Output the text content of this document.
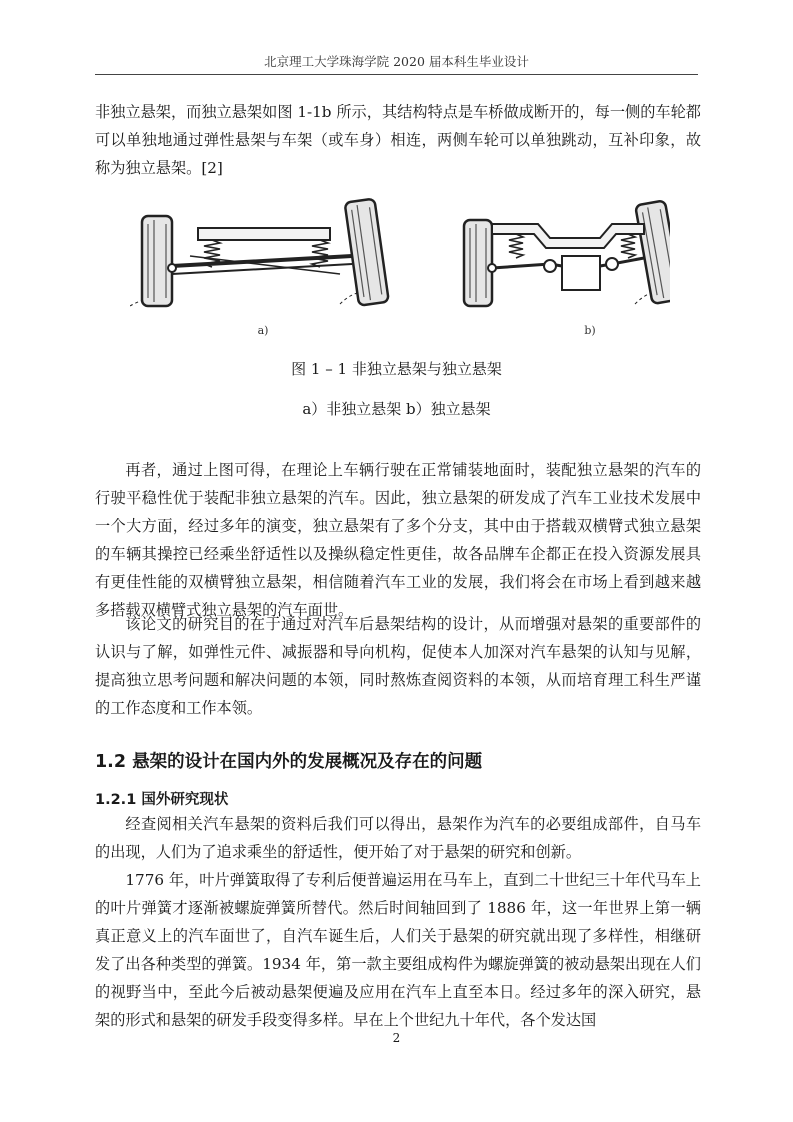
北京理工大学珠海学院 2020 届本科生毕业设计

非独立悬架，而独立悬架如图 1-1b 所示，其结构特点是车桥做成断开的，每一侧的车轮都可以单独地通过弹性悬架与车架（或车身）相连，两侧车轮可以单独跳动，互补印象，故称为独立悬架。[2]

a)	b)
图 1 – 1 非独立悬架与独立悬架
a）非独立悬架 b）独立悬架

再者，通过上图可得，在理论上车辆行驶在正常铺装地面时，装配独立悬架的汽车的行驶平稳性优于装配非独立悬架的汽车。因此，独立悬架的研发成了汽车工业技术发展中一个大方面，经过多年的演变，独立悬架有了多个分支，其中由于搭载双横臂式独立悬架的车辆其操控已经乘坐舒适性以及操纵稳定性更佳，故各品牌车企都正在投入资源发展具有更佳性能的双横臂独立悬架，相信随着汽车工业的发展，我们将会在市场上看到越来越多搭载双横臂式独立悬架的汽车面世。

该论文的研究目的在于通过对汽车后悬架结构的设计，从而增强对悬架的重要部件的认识与了解，如弹性元件、减振器和导向机构，促使本人加深对汽车悬架的认知与见解，提高独立思考问题和解决问题的本领，同时熬炼查阅资料的本领，从而培育理工科生严谨的工作态度和工作本领。

1.2 悬架的设计在国内外的发展概况及存在的问题
1.2.1 国外研究现状

经查阅相关汽车悬架的资料后我们可以得出，悬架作为汽车的必要组成部件，自马车的出现，人们为了追求乘坐的舒适性，便开始了对于悬架的研究和创新。

1776 年，叶片弹簧取得了专利后便普遍运用在马车上，直到二十世纪三十年代马车上的叶片弹簧才逐渐被螺旋弹簧所替代。然后时间轴回到了 1886 年，这一年世界上第一辆真正意义上的汽车面世了，自汽车诞生后，人们关于悬架的研究就出现了多样性，相继研发了出各种类型的弹簧。1934 年，第一款主要组成构件为螺旋弹簧的被动悬架出现在人们的视野当中，至此今后被动悬架便遍及应用在汽车上直至本日。经过多年的深入研究，悬架的形式和悬架的研发手段变得多样。早在上个世纪九十年代，各个发达国

2
